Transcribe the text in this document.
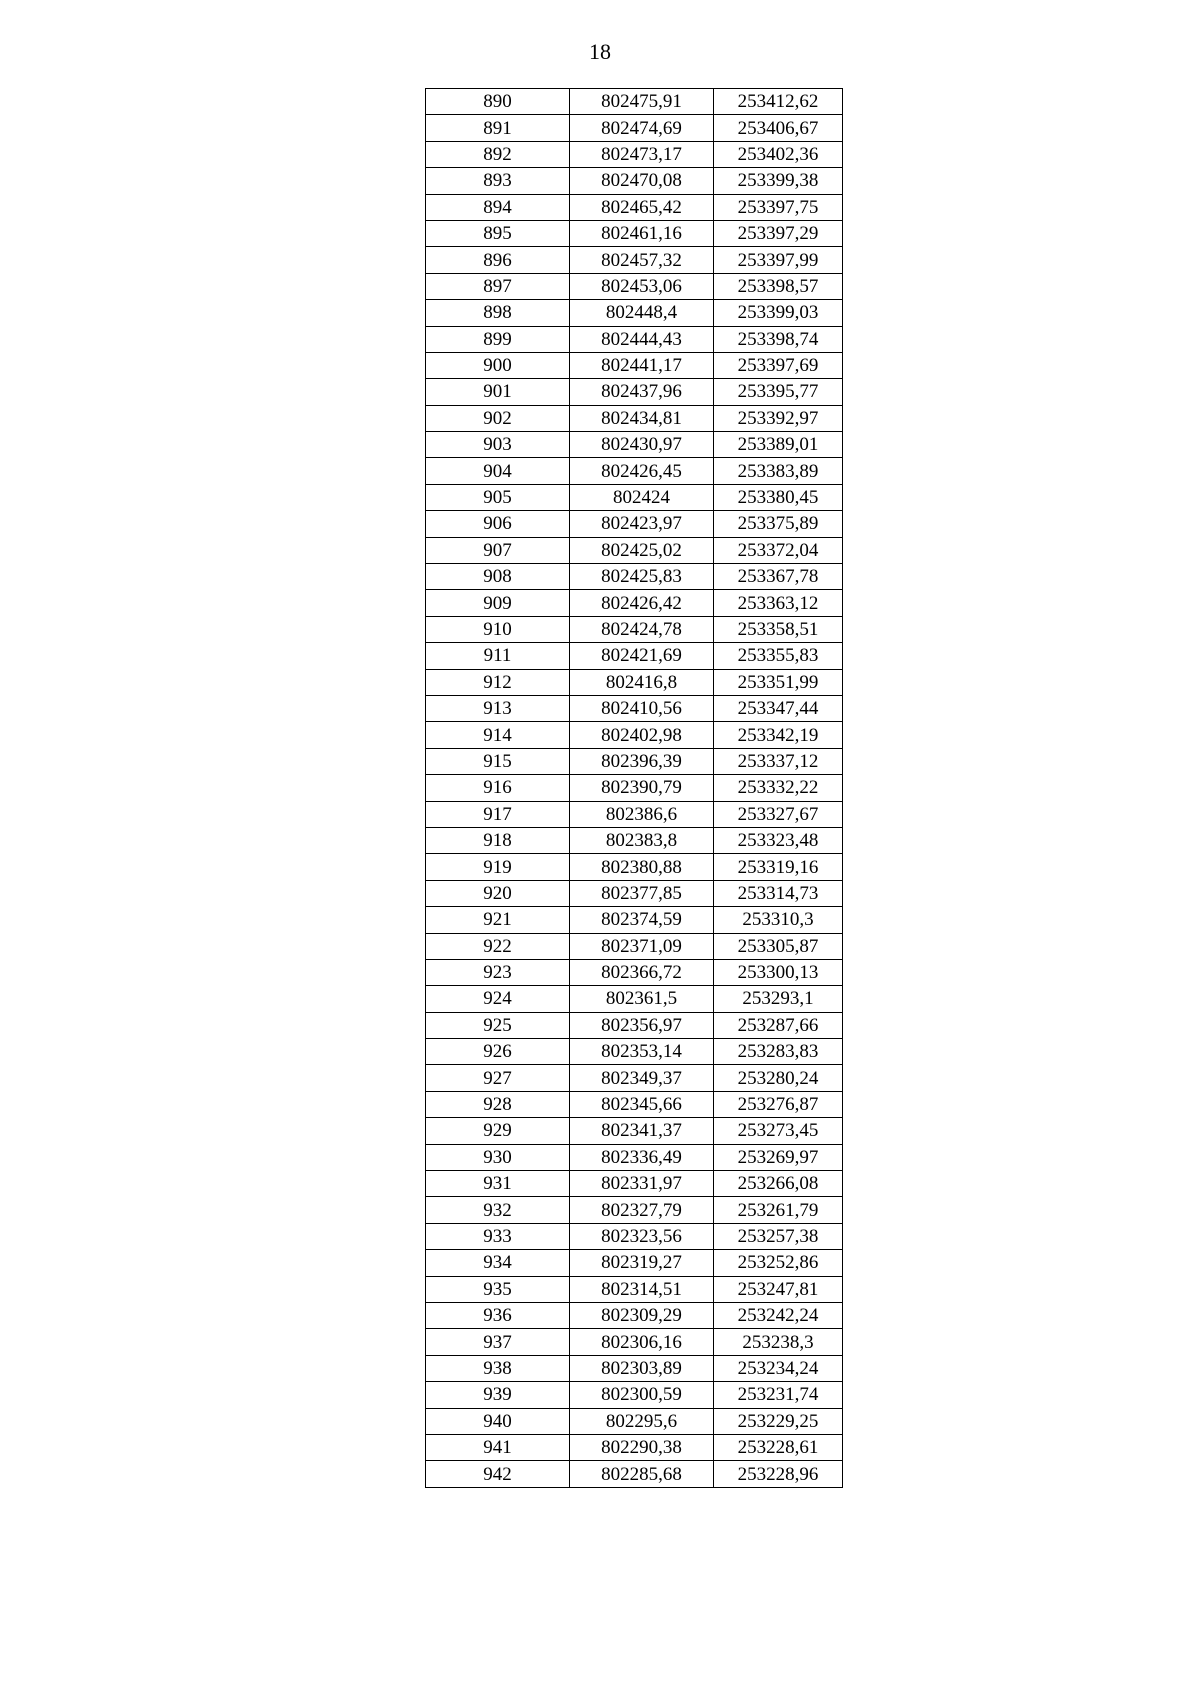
18
890	802475,91	253412,62
891	802474,69	253406,67
892	802473,17	253402,36
893	802470,08	253399,38
894	802465,42	253397,75
895	802461,16	253397,29
896	802457,32	253397,99
897	802453,06	253398,57
898	802448,4	253399,03
899	802444,43	253398,74
900	802441,17	253397,69
901	802437,96	253395,77
902	802434,81	253392,97
903	802430,97	253389,01
904	802426,45	253383,89
905	802424	253380,45
906	802423,97	253375,89
907	802425,02	253372,04
908	802425,83	253367,78
909	802426,42	253363,12
910	802424,78	253358,51
911	802421,69	253355,83
912	802416,8	253351,99
913	802410,56	253347,44
914	802402,98	253342,19
915	802396,39	253337,12
916	802390,79	253332,22
917	802386,6	253327,67
918	802383,8	253323,48
919	802380,88	253319,16
920	802377,85	253314,73
921	802374,59	253310,3
922	802371,09	253305,87
923	802366,72	253300,13
924	802361,5	253293,1
925	802356,97	253287,66
926	802353,14	253283,83
927	802349,37	253280,24
928	802345,66	253276,87
929	802341,37	253273,45
930	802336,49	253269,97
931	802331,97	253266,08
932	802327,79	253261,79
933	802323,56	253257,38
934	802319,27	253252,86
935	802314,51	253247,81
936	802309,29	253242,24
937	802306,16	253238,3
938	802303,89	253234,24
939	802300,59	253231,74
940	802295,6	253229,25
941	802290,38	253228,61
942	802285,68	253228,96
